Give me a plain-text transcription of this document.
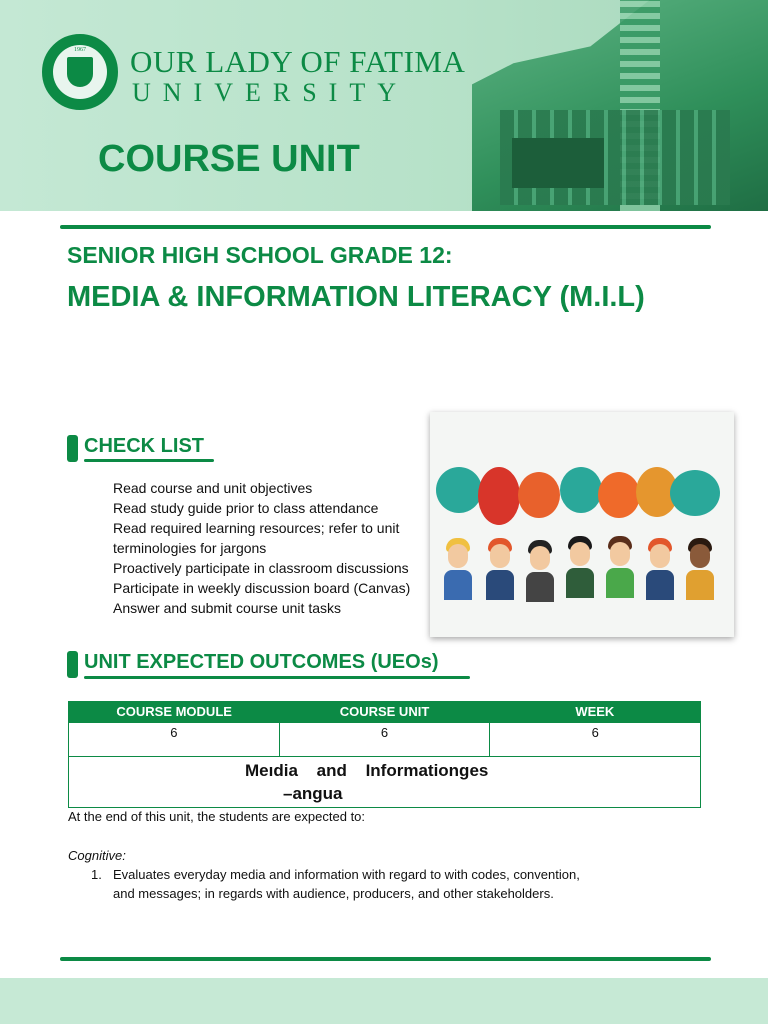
1967	OUR LADY OF FATIMA
UNIVERSITY
COURSE UNIT
SENIOR HIGH SCHOOL GRADE 12:
MEDIA & INFORMATION LITERACY (M.I.L)
CHECK LIST
Read course and unit objectives
Read study guide prior to class attendance
Read required learning resources; refer to unit
terminologies for jargons
Proactively participate in classroom discussions
Participate in weekly discussion board (Canvas)
Answer and submit course unit tasks
UNIT EXPECTED OUTCOMES (UEOs)
COURSE MODULE	COURSE UNIT	WEEK
6	6	6
Meıdia and Informationges
–angua
At the end of this unit, the students are expected to:
Cognitive:
1. Evaluates everyday media and information with regard to with codes, convention,
and messages; in regards with audience, producers, and other stakeholders.
